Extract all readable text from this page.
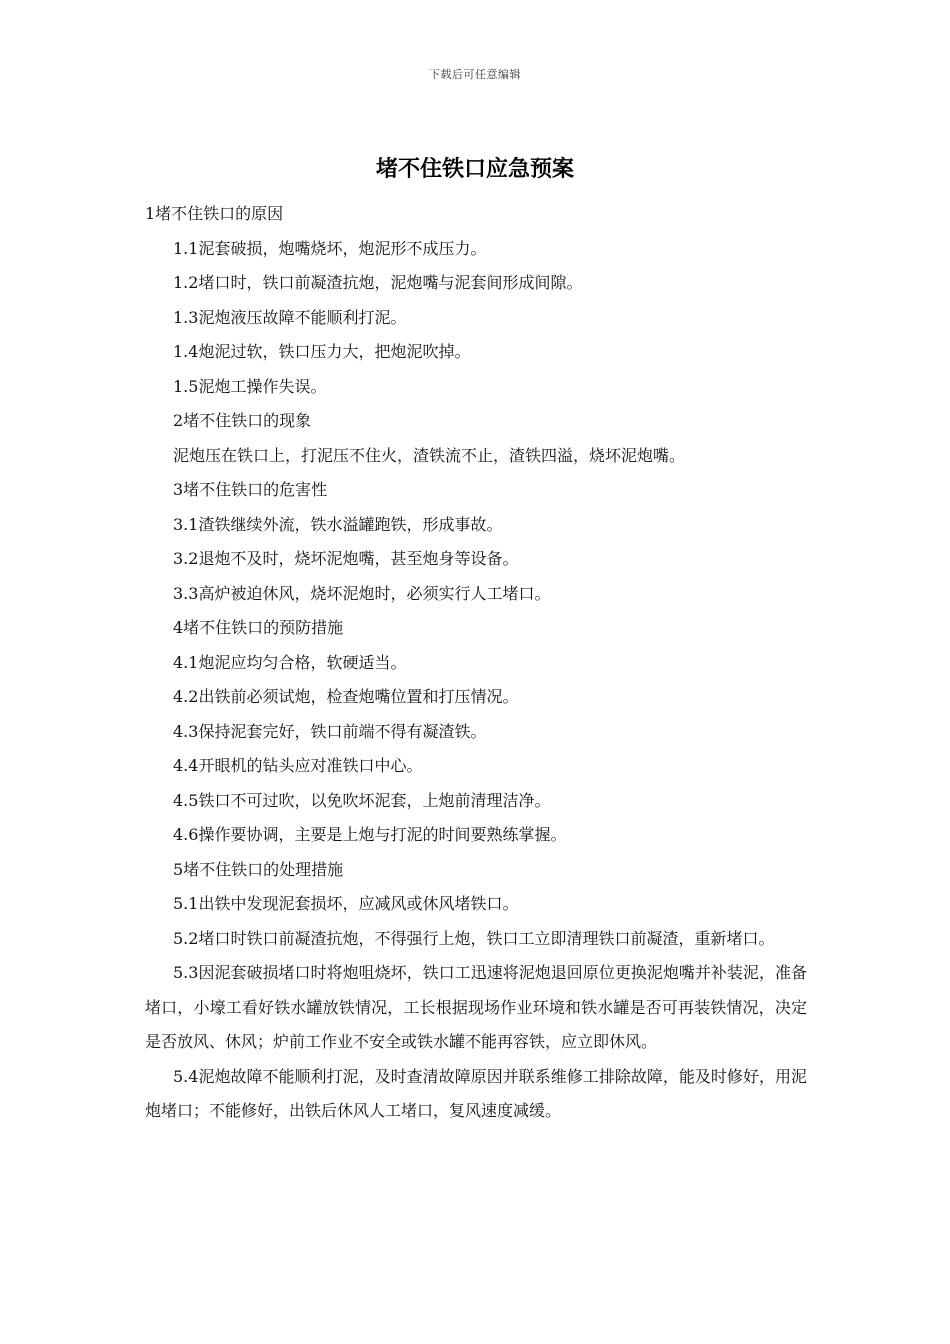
下载后可任意编辑
堵不住铁口应急预案

1堵不住铁口的原因

1.1泥套破损，炮嘴烧坏，炮泥形不成压力。

1.2堵口时，铁口前凝渣抗炮，泥炮嘴与泥套间形成间隙。

1.3泥炮液压故障不能顺利打泥。

1.4炮泥过软，铁口压力大，把炮泥吹掉。

1.5泥炮工操作失误。

2堵不住铁口的现象

泥炮压在铁口上，打泥压不住火，渣铁流不止，渣铁四溢，烧坏泥炮嘴。

3堵不住铁口的危害性

3.1渣铁继续外流，铁水溢罐跑铁，形成事故。

3.2退炮不及时，烧坏泥炮嘴，甚至炮身等设备。

3.3高炉被迫休风，烧坏泥炮时，必须实行人工堵口。

4堵不住铁口的预防措施

4.1炮泥应均匀合格，软硬适当。

4.2出铁前必须试炮，检查炮嘴位置和打压情况。

4.3保持泥套完好，铁口前端不得有凝渣铁。

4.4开眼机的钻头应对准铁口中心。

4.5铁口不可过吹，以免吹坏泥套，上炮前清理洁净。

4.6操作要协调，主要是上炮与打泥的时间要熟练掌握。

5堵不住铁口的处理措施

5.1出铁中发现泥套损坏，应减风或休风堵铁口。

5.2堵口时铁口前凝渣抗炮，不得强行上炮，铁口工立即清理铁口前凝渣，重新堵口。

5.3因泥套破损堵口时将炮咀烧坏，铁口工迅速将泥炮退回原位更换泥炮嘴并补装泥，准备堵口，小壕工看好铁水罐放铁情况，工长根据现场作业环境和铁水罐是否可再装铁情况，决定是否放风、休风；炉前工作业不安全或铁水罐不能再容铁，应立即休风。

5.4泥炮故障不能顺利打泥，及时查清故障原因并联系维修工排除故障，能及时修好，用泥炮堵口；不能修好，出铁后休风人工堵口，复风速度减缓。
